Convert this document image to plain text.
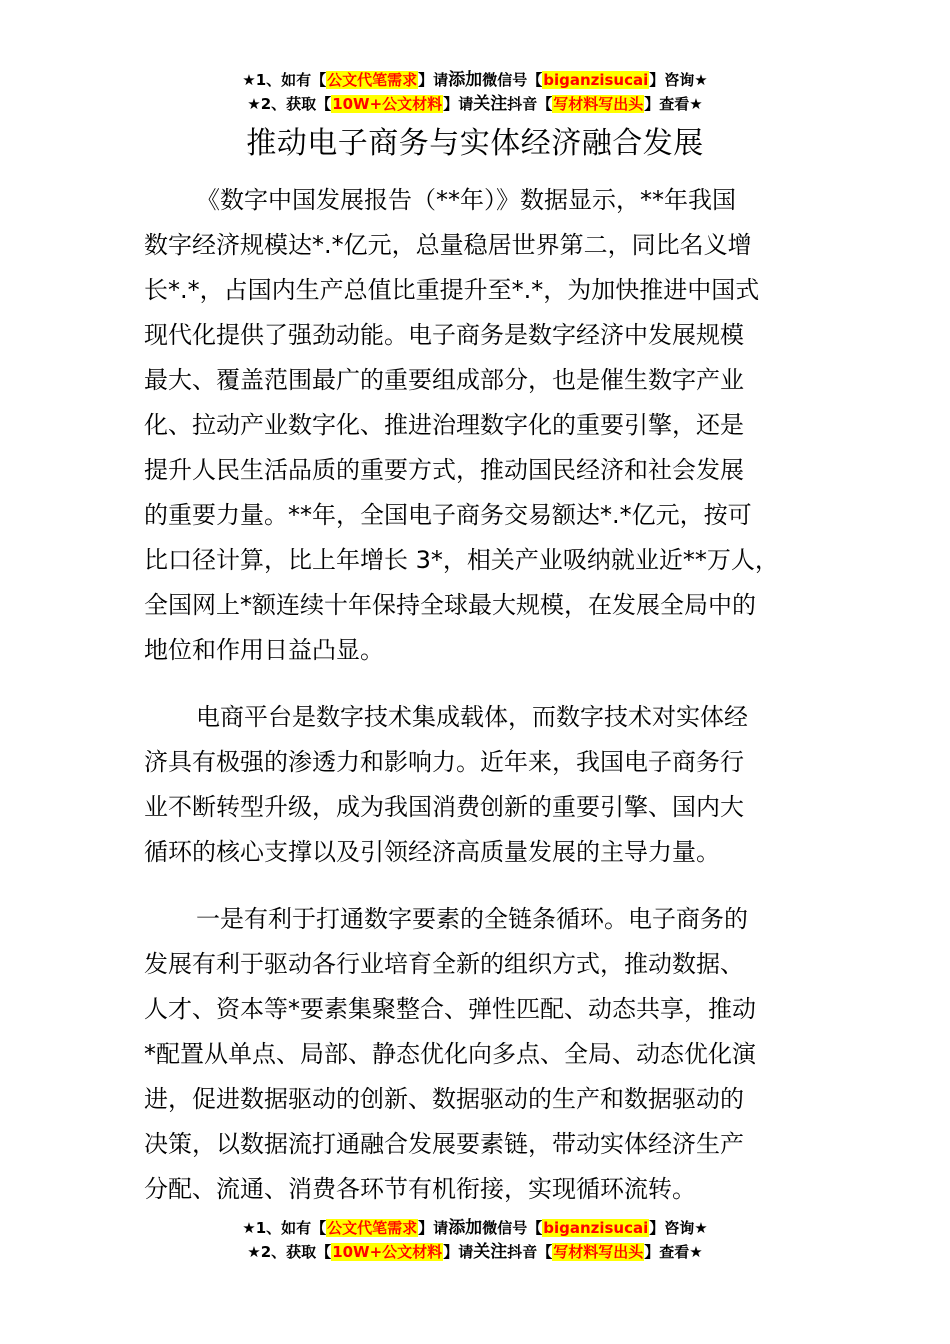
★1、如有【公文代笔需求】请添加微信号【biganzisucai】咨询★
★2、获取【10W+公文材料】请关注抖音【写材料写出头】查看★
推动电子商务与实体经济融合发展
《数字中国发展报告（**年）》数据显示，**年我国
数字经济规模达*.*亿元，总量稳居世界第二，同比名义增
长*.*，占国内生产总值比重提升至*.*，为加快推进中国式
现代化提供了强劲动能。电子商务是数字经济中发展规模
最大、覆盖范围最广的重要组成部分，也是催生数字产业
化、拉动产业数字化、推进治理数字化的重要引擎，还是
提升人民生活品质的重要方式，推动国民经济和社会发展
的重要力量。**年，全国电子商务交易额达*.*亿元，按可
比口径计算，比上年增长 3*，相关产业吸纳就业近**万人，
全国网上*额连续十年保持全球最大规模，在发展全局中的
地位和作用日益凸显。
电商平台是数字技术集成载体，而数字技术对实体经
济具有极强的渗透力和影响力。近年来，我国电子商务行
业不断转型升级，成为我国消费创新的重要引擎、国内大
循环的核心支撑以及引领经济高质量发展的主导力量。
一是有利于打通数字要素的全链条循环。电子商务的
发展有利于驱动各行业培育全新的组织方式，推动数据、
人才、资本等*要素集聚整合、弹性匹配、动态共享，推动
*配置从单点、局部、静态优化向多点、全局、动态优化演
进，促进数据驱动的创新、数据驱动的生产和数据驱动的
决策，以数据流打通融合发展要素链，带动实体经济生产
分配、流通、消费各环节有机衔接，实现循环流转。
★1、如有【公文代笔需求】请添加微信号【biganzisucai】咨询★
★2、获取【10W+公文材料】请关注抖音【写材料写出头】查看★
